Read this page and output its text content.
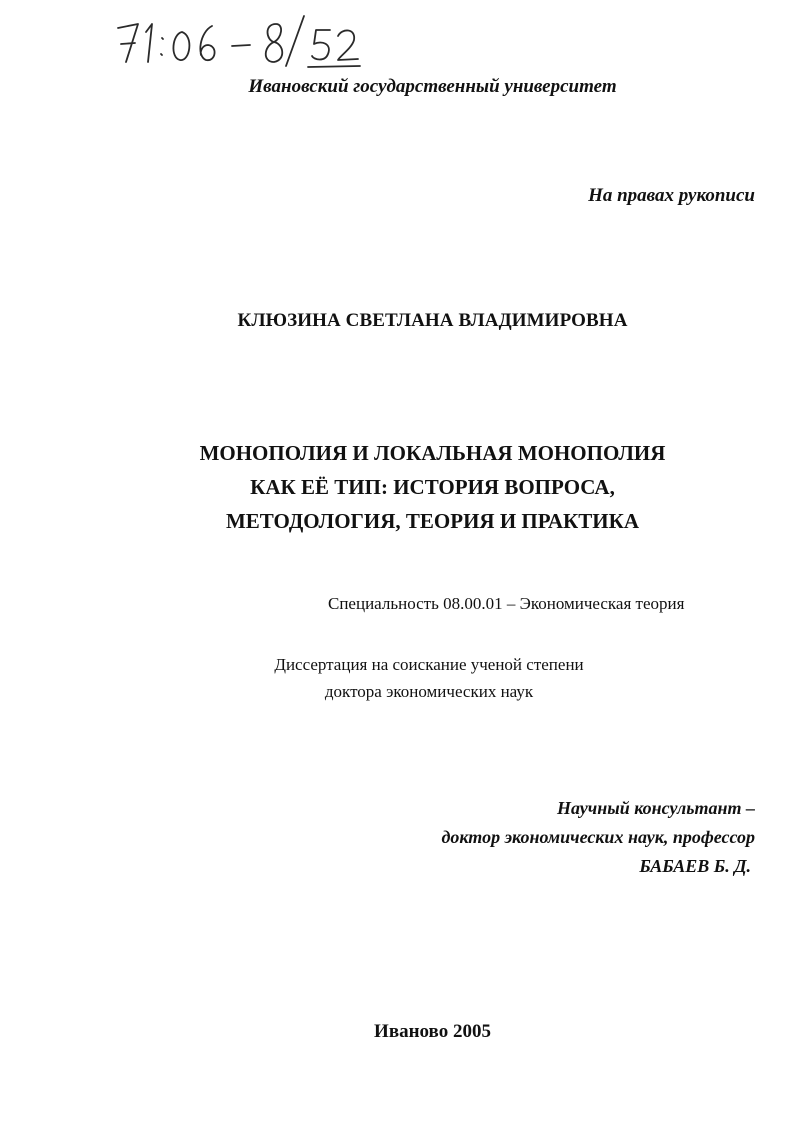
Ивановский государственный университет
На правах рукописи
КЛЮЗИНА СВЕТЛАНА ВЛАДИМИРОВНА
МОНОПОЛИЯ И ЛОКАЛЬНАЯ МОНОПОЛИЯ
КАК ЕЁ ТИП: ИСТОРИЯ ВОПРОСА,
МЕТОДОЛОГИЯ, ТЕОРИЯ И ПРАКТИКА
Специальность 08.00.01 – Экономическая теория
Диссертация на соискание ученой степени
доктора экономических наук
Научный консультант –
доктор экономических наук, профессор
БАБАЕВ Б. Д.
Иваново 2005
